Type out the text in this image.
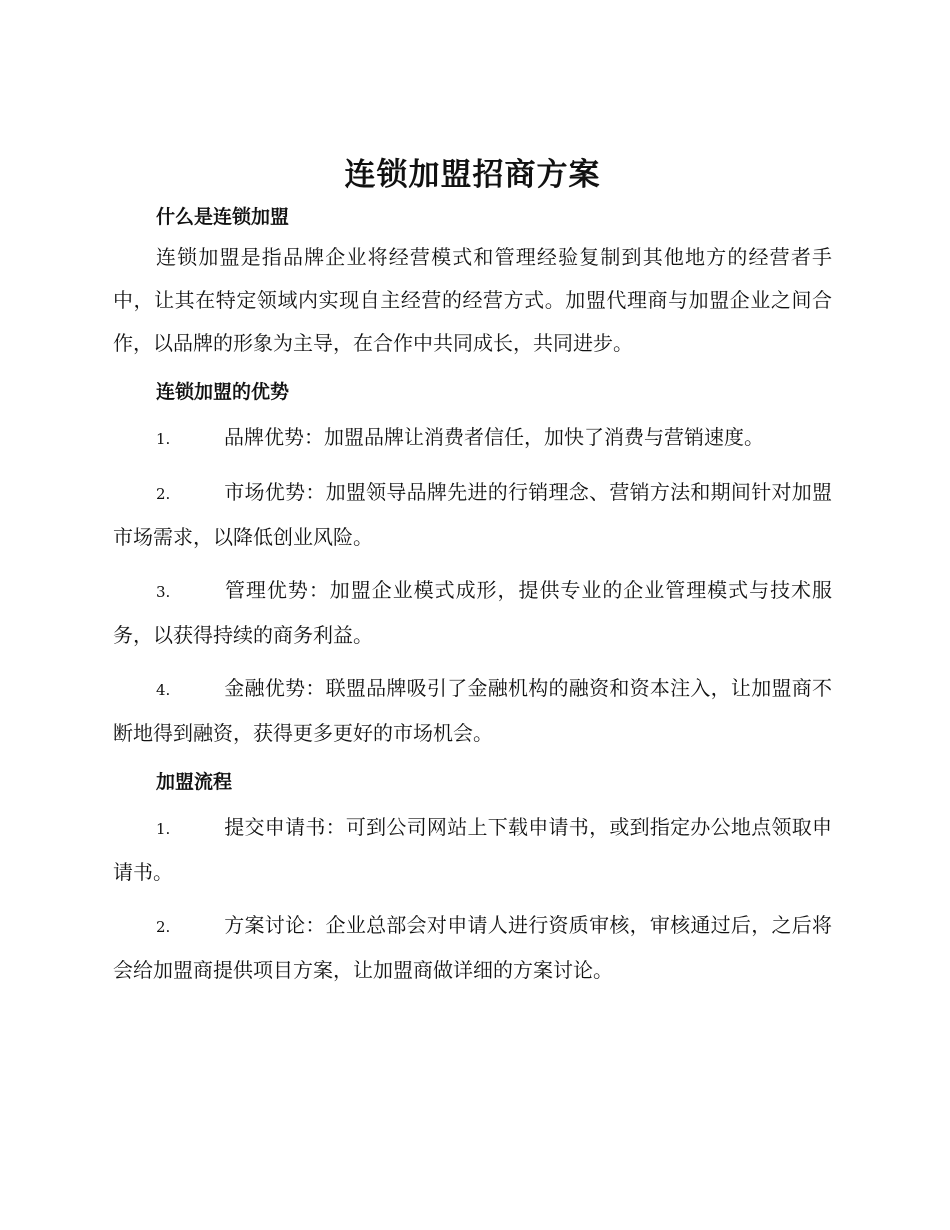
连锁加盟招商方案
什么是连锁加盟

连锁加盟是指品牌企业将经营模式和管理经验复制到其他地方的经营者手中，让其在特定领域内实现自主经营的经营方式。加盟代理商与加盟企业之间合作，以品牌的形象为主导，在合作中共同成长，共同进步。

连锁加盟的优势

1.	品牌优势：加盟品牌让消费者信任，加快了消费与营销速度。

2.	市场优势：加盟领导品牌先进的行销理念、营销方法和期间针对加盟市场需求，以降低创业风险。

3.	管理优势：加盟企业模式成形，提供专业的企业管理模式与技术服务，以获得持续的商务利益。

4.	金融优势：联盟品牌吸引了金融机构的融资和资本注入，让加盟商不断地得到融资，获得更多更好的市场机会。

加盟流程

1.	提交申请书：可到公司网站上下载申请书，或到指定办公地点领取申请书。

2.	方案讨论：企业总部会对申请人进行资质审核，审核通过后，之后将会给加盟商提供项目方案，让加盟商做详细的方案讨论。
